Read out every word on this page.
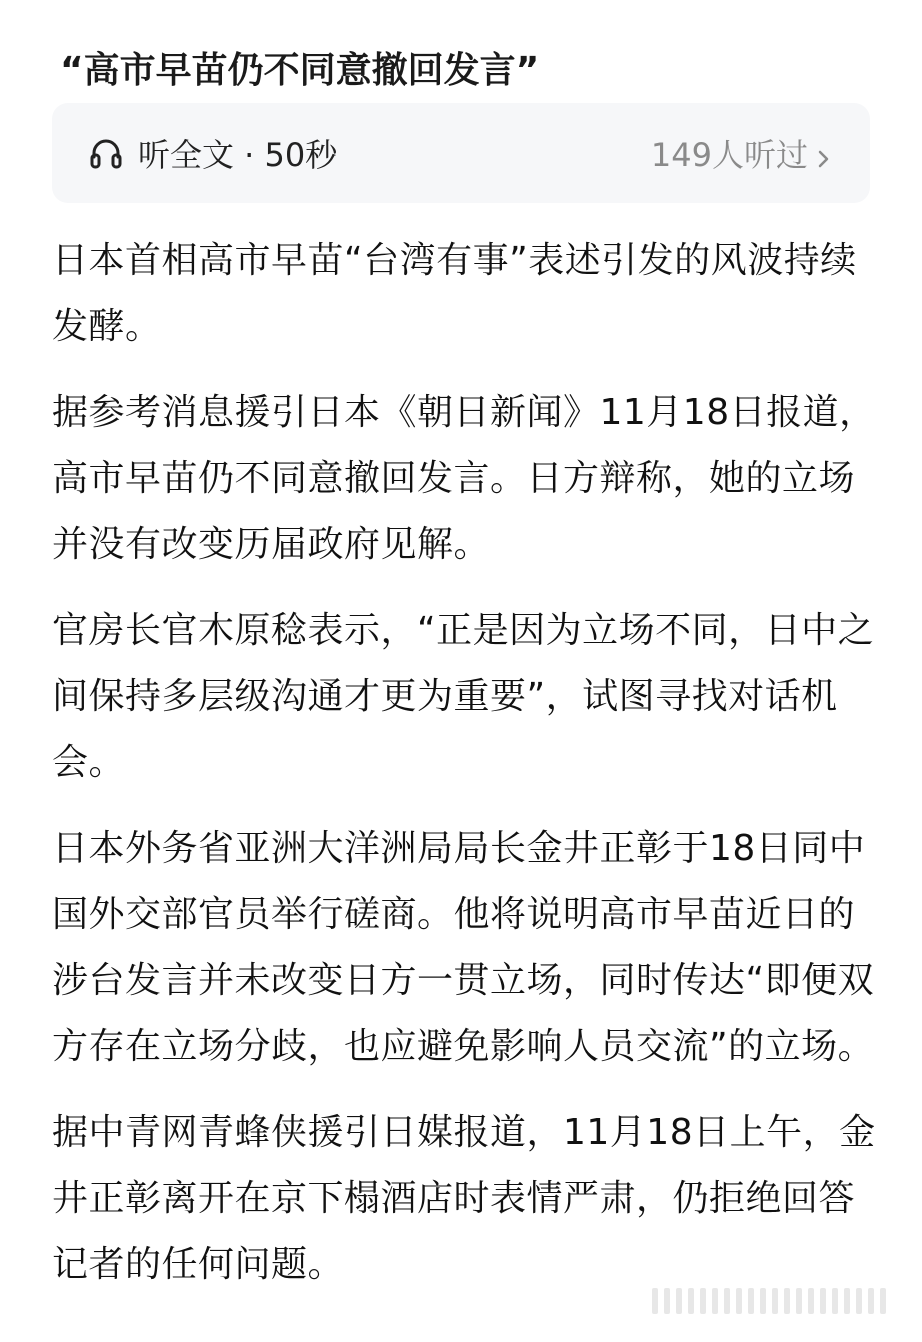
“高市早苗仍不同意撤回发言”
听全文 · 50秒	149人听过

日本首相高市早苗“台湾有事”表述引发的风波持续发酵。

据参考消息援引日本《朝日新闻》11月18日报道，高市早苗仍不同意撤回发言。日方辩称，她的立场并没有改变历届政府见解。

官房长官木原稔表示，“正是因为立场不同，日中之间保持多层级沟通才更为重要”，试图寻找对话机会。

日本外务省亚洲大洋洲局局长金井正彰于18日同中国外交部官员举行磋商。他将说明高市早苗近日的涉台发言并未改变日方一贯立场，同时传达“即便双方存在立场分歧，也应避免影响人员交流”的立场。

据中青网青蜂侠援引日媒报道，11月18日上午，金井正彰离开在京下榻酒店时表情严肃，仍拒绝回答记者的任何问题。
